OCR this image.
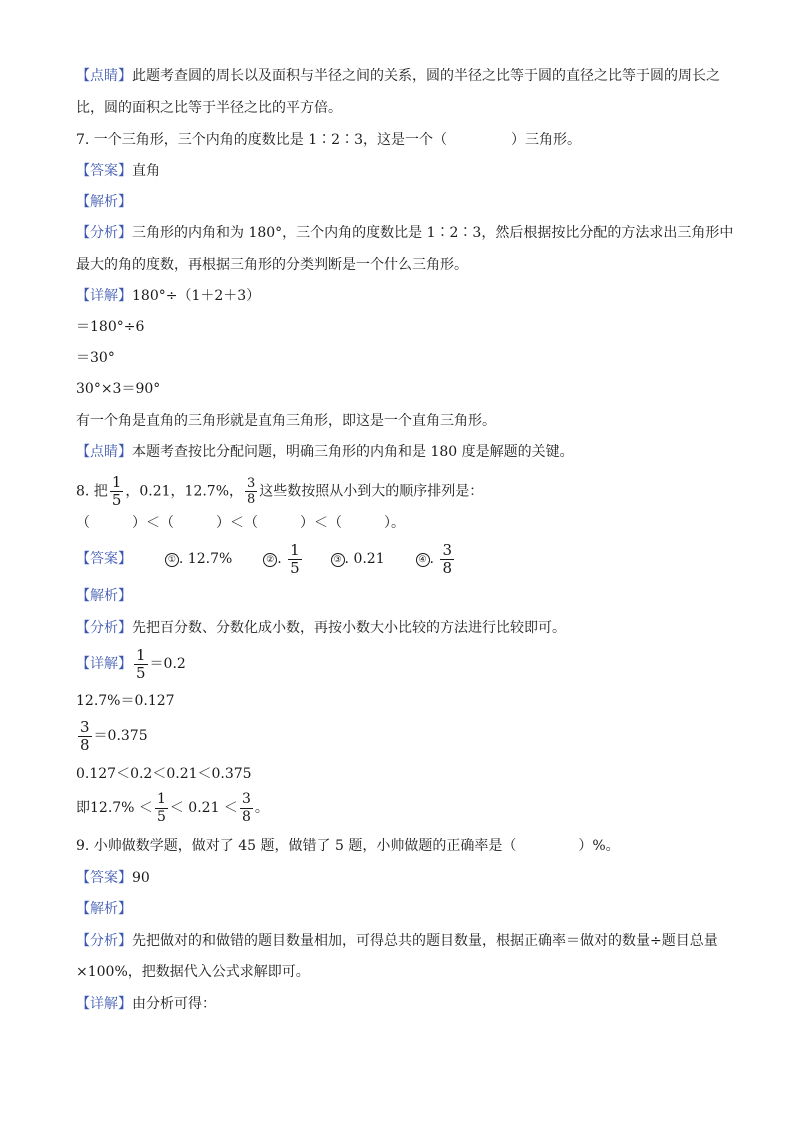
【点睛】此题考查圆的周长以及面积与半径之间的关系，圆的半径之比等于圆的直径之比等于圆的周长之
比，圆的面积之比等于半径之比的平方倍。
7. 一个三角形，三个内角的度数比是 1∶2∶3，这是一个（	）三角形。
【答案】直角
【解析】
【分析】三角形的内角和为 180°，三个内角的度数比是 1∶2∶3，然后根据按比分配的方法求出三角形中
最大的角的度数，再根据三角形的分类判断是一个什么三角形。
【详解】180°÷（1＋2＋3）
＝180°÷6
＝30°
30°×3＝90°
有一个角是直角的三角形就是直角三角形，即这是一个直角三角形。
【点睛】本题考查按比分配问题，明确三角形的内角和是 180 度是解题的关键。
8. 把 $\frac{1}{5}$ ，0.21，12.7%， $\frac{3}{8}$ 这些数按照从小到大的顺序排列是：
（　　　）＜（　　　）＜（　　　）＜（　　　）。
【答案】	① . 12.7%	② . $\frac{1}{5}$	③ . 0.21	④ . $\frac{3}{8}$
【解析】
【分析】先把百分数、分数化成小数，再按小数大小比较的方法进行比较即可。
【详解】 $\frac{1}{5} =0.2$
12.7%＝0.127
$\frac{3}{8} =0.375$
0.127＜0.2＜0.21＜0.375
即$12.7\% < \frac{1}{5} < 0.21 < \frac{3}{8}$ 。
9. 小帅做数学题，做对了 45 题，做错了 5 题，小帅做题的正确率是（	）%。
【答案】90
【解析】
【分析】先把做对的和做错的题目数量相加，可得总共的题目数量，根据正确率＝做对的数量÷题目总量
×100%，把数据代入公式求解即可。
【详解】由分析可得：
